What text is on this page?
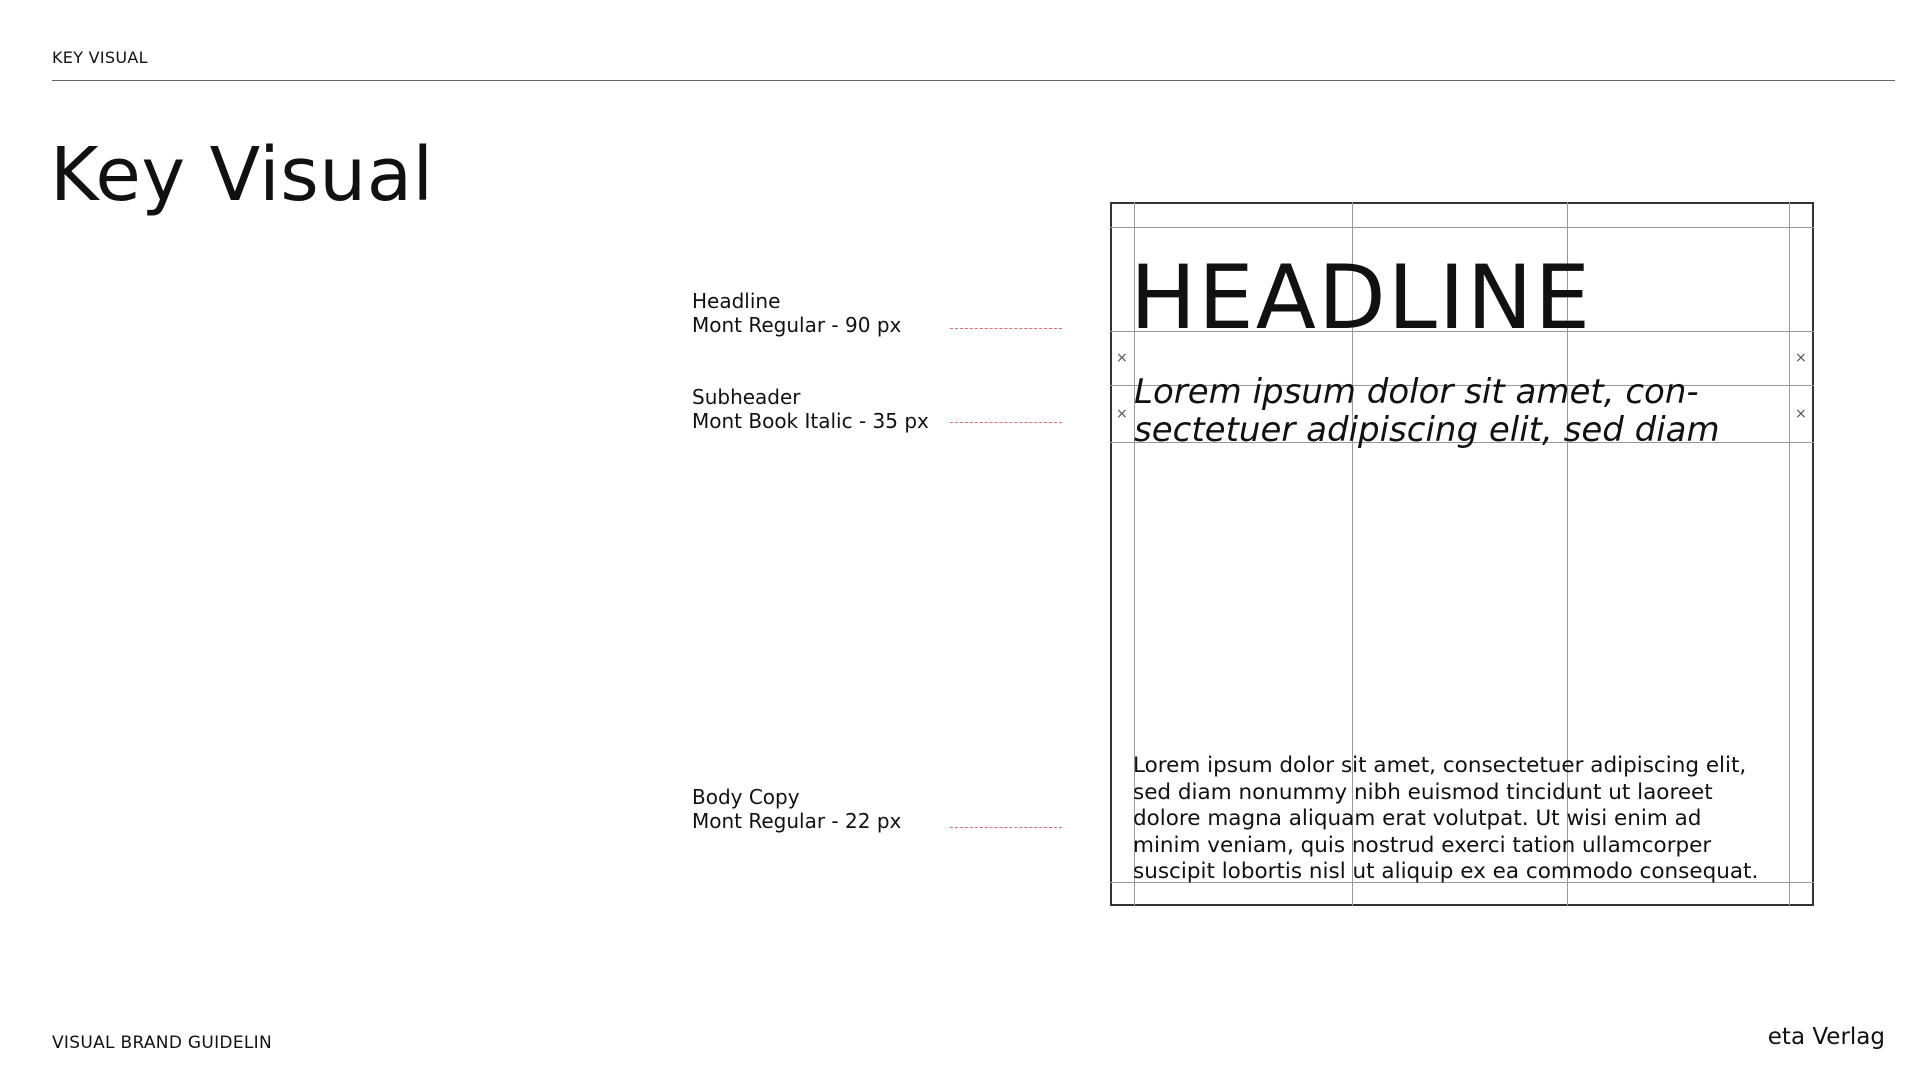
KEY VISUAL
Key Visual
Headline
Mont Regular - 90 px
Subheader
Mont Book Italic - 35 px
Body Copy
Mont Regular - 22 px
×	×
×	×
HEADLINE
Lorem ipsum dolor sit amet, con-
sectetuer adipiscing elit, sed diam
Lorem ipsum dolor sit amet, consectetuer adipiscing elit,
sed diam nonummy nibh euismod tincidunt ut laoreet
dolore magna aliquam erat volutpat. Ut wisi enim ad
minim veniam, quis nostrud exerci tation ullamcorper
suscipit lobortis nisl ut aliquip ex ea commodo consequat.
VISUAL BRAND GUIDELIN	eta Verlag
